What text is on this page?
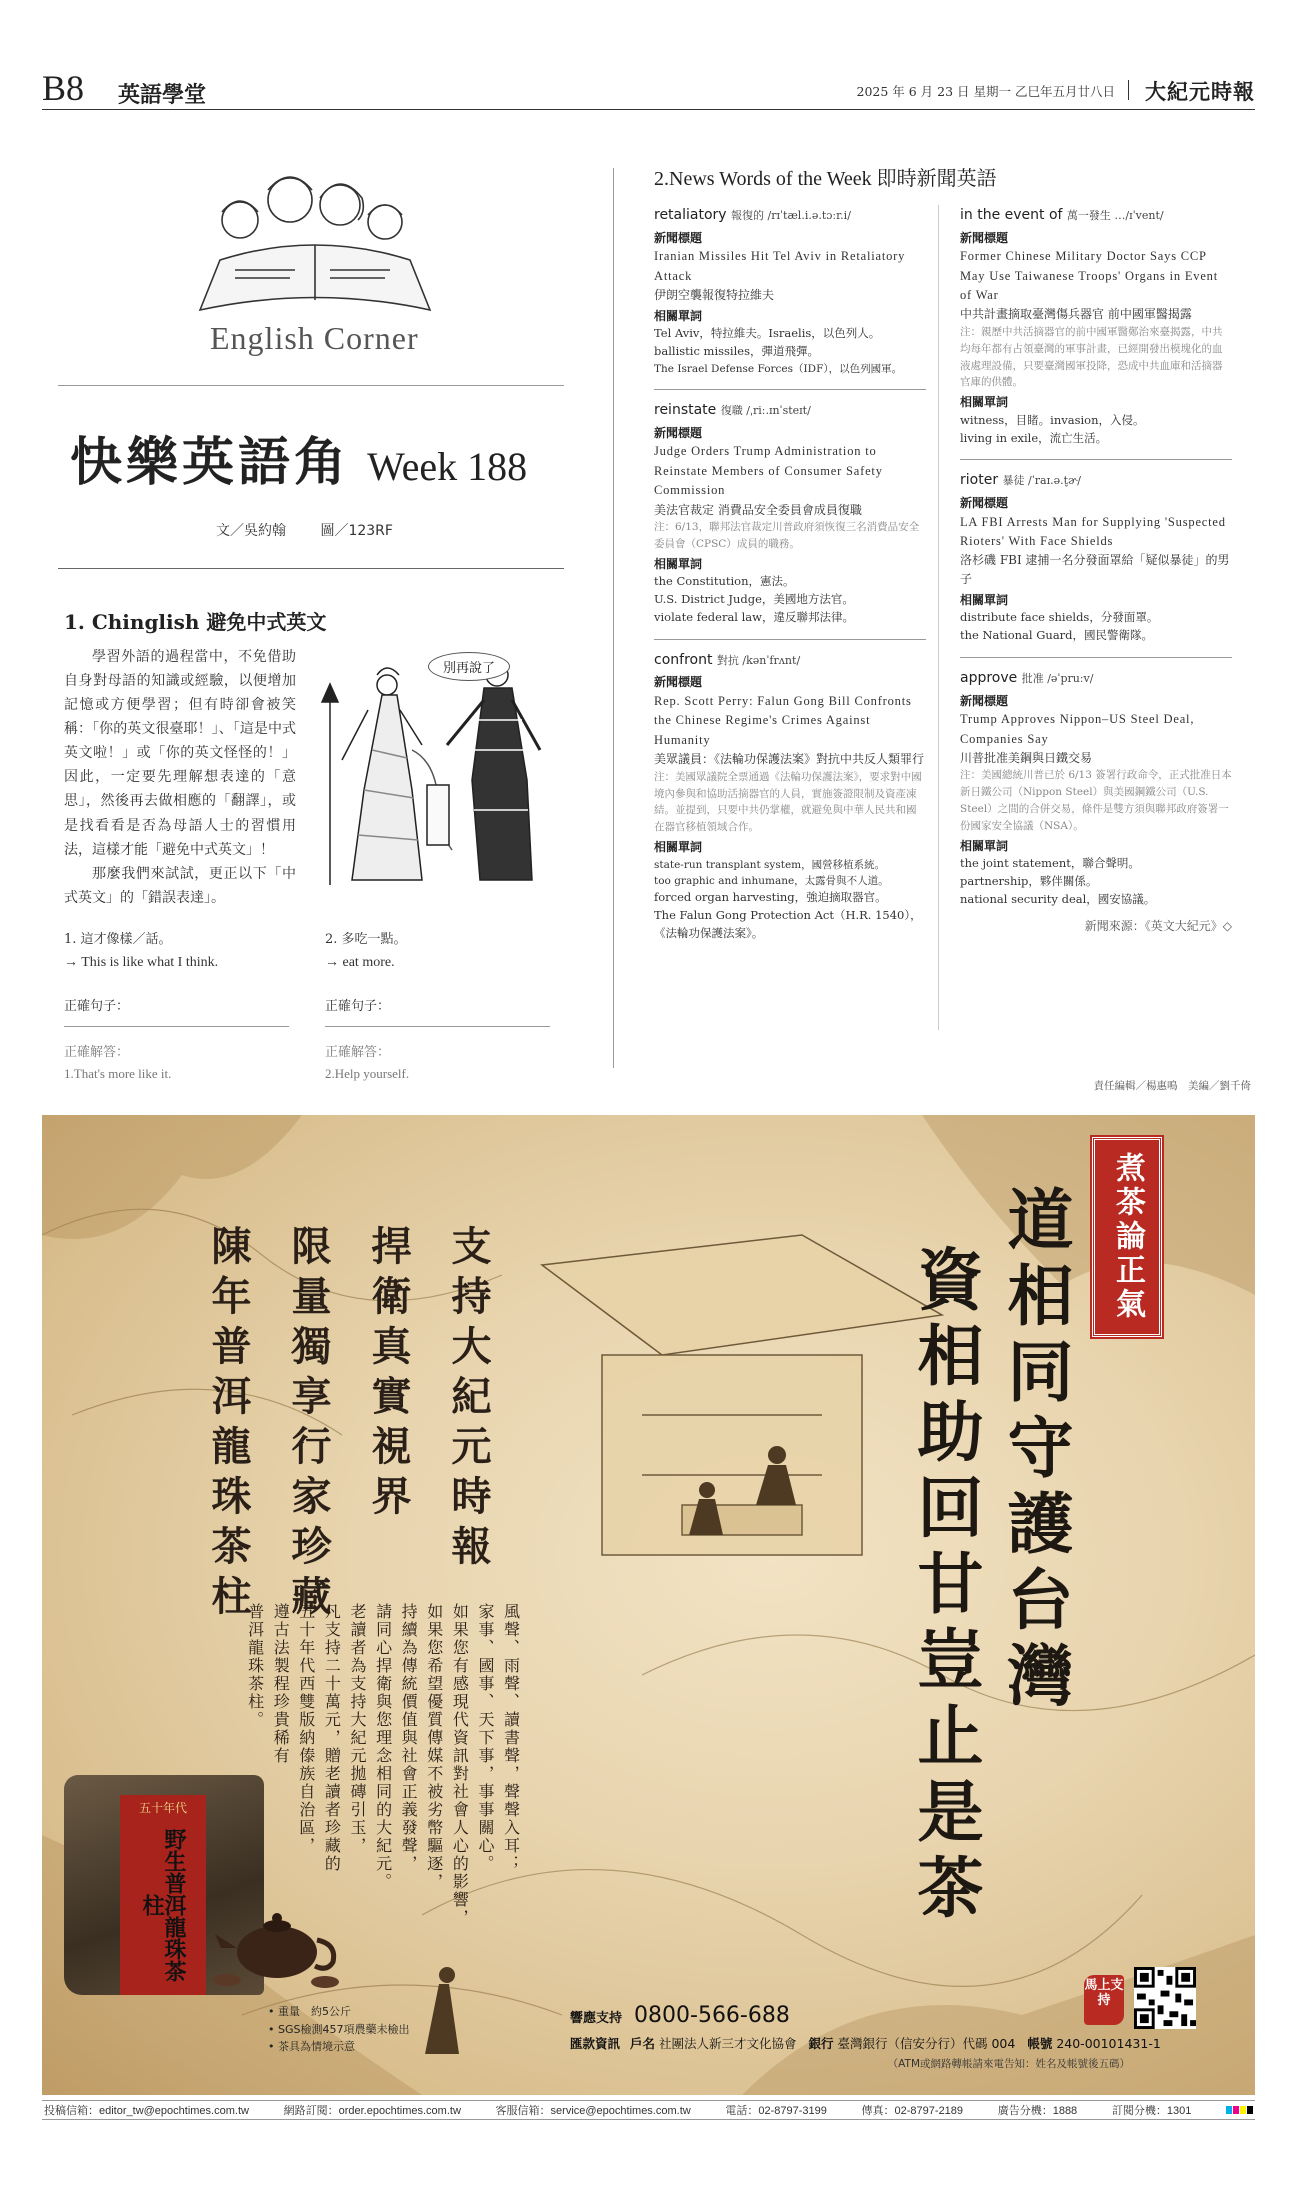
B8 英語學堂	2025 年 6 月 23 日 星期一 乙巳年五月廿八日 大紀元時報
English Corner
快樂英語角 Week 188
文／吳約翰 圖／123RF
1. Chinglish 避免中式英文

學習外語的過程當中，不免借助自身對母語的知識或經驗，以便增加記憶或方便學習；但有時卻會被笑稱：「你的英文很臺耶！」、「這是中式英文啦！」或「你的英文怪怪的！」因此，一定要先理解想表達的「意思」，然後再去做相應的「翻譯」，或是找看看是否為母語人士的習慣用法，這樣才能「避免中式英文」！

那麼我們來試試，更正以下「中式英文」的「錯誤表達」。

別再說了
1. 這才像樣／話。
→ This is like what I think.
正確句子：
正確解答：
1.That's more like it.
2. 多吃一點。
→ eat more.
正確句子：
正確解答：
2.Help yourself.
2.News Words of the Week 即時新聞英語
retaliatory 報復的 /rɪˈtæl.i.ə.tɔːr.i/
新聞標題
Iranian Missiles Hit Tel Aviv in Retaliatory Attack
伊朗空襲報復特拉維夫
相關單詞
Tel Aviv，特拉維夫。Israelis，以色列人。
ballistic missiles，彈道飛彈。
The Israel Defense Forces（IDF），以色列國軍。
reinstate 復職 /ˌriː.ɪnˈsteɪt/
新聞標題
Judge Orders Trump Administration to Reinstate Members of Consumer Safety Commission
美法官裁定 消費品安全委員會成員復職
注：6/13，聯邦法官裁定川普政府須恢復三名消費品安全委員會（CPSC）成員的職務。
相關單詞
the Constitution，憲法。
U.S. District Judge，美國地方法官。
violate federal law，違反聯邦法律。
confront 對抗 /kənˈfrʌnt/
新聞標題
Rep. Scott Perry: Falun Gong Bill Confronts the Chinese Regime's Crimes Against Humanity
美眾議員：《法輪功保護法案》對抗中共反人類罪行
注：美國眾議院全票通過《法輪功保護法案》，要求對中國境內參與和協助活摘器官的人員，實施簽證限制及資產凍結。並提到，只要中共仍掌權，就避免與中華人民共和國在器官移植領域合作。
相關單詞
state-run transplant system，國營移植系統。
too graphic and inhumane，太露骨與不人道。
forced organ harvesting，強迫摘取器官。
The Falun Gong Protection Act（H.R. 1540），《法輪功保護法案》。
in the event of 萬一發生 …/ɪˈvent/
新聞標題
Former Chinese Military Doctor Says CCP May Use Taiwanese Troops' Organs in Event of War
中共計畫摘取臺灣傷兵器官 前中國軍醫揭露
注：親歷中共活摘器官的前中國軍醫鄭治來臺揭露，中共均每年都有占領臺灣的軍事計畫，已經開發出模塊化的血液處理設備，只要臺灣國軍投降，恐成中共血庫和活摘器官庫的供體。
相關單詞
witness，目睹。invasion，入侵。
living in exile，流亡生活。
rioter 暴徒 /ˈraɪ.ə.t̬ɚ/
新聞標題
LA FBI Arrests Man for Supplying 'Suspected Rioters' With Face Shields
洛杉磯 FBI 逮捕一名分發面罩給「疑似暴徒」的男子
相關單詞
distribute face shields，分發面罩。
the National Guard，國民警衛隊。
approve 批准 /əˈpruːv/
新聞標題
Trump Approves Nippon–US Steel Deal, Companies Say
川普批准美鋼與日鐵交易
注：美國總統川普已於 6/13 簽署行政命令，正式批准日本新日鐵公司（Nippon Steel）與美國鋼鐵公司（U.S. Steel）之間的合併交易，條件是雙方須與聯邦政府簽署一份國家安全協議（NSA）。
相關單詞
the joint statement，聯合聲明。
partnership，夥伴關係。
national security deal，國安協議。
新聞來源：《英文大紀元》◇
責任編輯／楊惠鳴　美編／劉千倚
煮茶論正氣
道相同守護台灣
資相助回甘豈止是茶
支持大紀元時報
捍衛真實視界
限量獨享行家珍藏
陳年普洱龍珠茶柱
風聲、雨聲、讀書聲，聲聲入耳；
家事、國事、天下事，事事關心。
如果您有感現代資訊對社會人心的影響，
如果您希望優質傳媒不被劣幣驅逐，
持續為傳統價值與社會正義發聲，
請同心捍衛與您理念相同的大紀元。
老讀者為支持大紀元拋磚引玉，
凡支持二十萬元，贈老讀者珍藏的
五十年代西雙版納傣族自治區，
遵古法製程珍貴稀有
普洱龍珠茶柱。
五十年代
野生普洱龍珠茶柱
• 重量　約5公斤
• SGS檢測457項農藥未檢出
• 茶具為情境示意
響應支持 0800-566-688
匯款資訊 戶名 社團法人新三才文化協會 銀行 臺灣銀行（信安分行）代碼 004 帳號 240-00101431-1
（ATM或網路轉帳請來電告知：姓名及帳號後五碼）
馬上支持
投稿信箱：editor_tw@epochtimes.com.tw	網路訂閱：order.epochtimes.com.tw	客服信箱：service@epochtimes.com.tw	電話：02-8797-3199	傳真：02-8797-2189	廣告分機：1888	訂閱分機：1301
